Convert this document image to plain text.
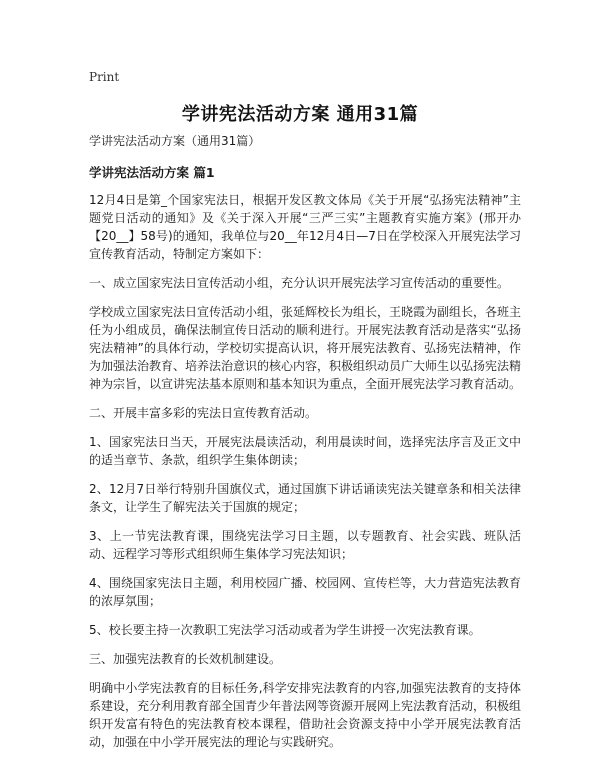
Print
学讲宪法活动方案 通用31篇

学讲宪法活动方案（通用31篇）

学讲宪法活动方案 篇1

12月4日是第_个国家宪法日，根据开发区教文体局《关于开展“弘扬宪法精神”主题党日活动的通知》及《关于深入开展“三严三实”主题教育实施方案》(邢开办【20__】58号)的通知，我单位与20__年12月4日—7日在学校深入开展宪法学习宣传教育活动，特制定方案如下：

一、成立国家宪法日宣传活动小组，充分认识开展宪法学习宣传活动的重要性。

学校成立国家宪法日宣传活动小组，张延辉校长为组长，王晓霞为副组长，各班主任为小组成员，确保法制宣传日活动的顺利进行。开展宪法教育活动是落实“弘扬宪法精神”的具体行动，学校切实提高认识，将开展宪法教育、弘扬宪法精神，作为加强法治教育、培养法治意识的核心内容，积极组织动员广大师生以弘扬宪法精神为宗旨，以宣讲宪法基本原则和基本知识为重点，全面开展宪法学习教育活动。

二、开展丰富多彩的宪法日宣传教育活动。

1、国家宪法日当天，开展宪法晨读活动，利用晨读时间，选择宪法序言及正文中的适当章节、条款，组织学生集体朗读；

2、12月7日举行特别升国旗仪式，通过国旗下讲话诵读宪法关键章条和相关法律条文，让学生了解宪法关于国旗的规定；

3、上一节宪法教育课，围绕宪法学习日主题，以专题教育、社会实践、班队活动、远程学习等形式组织师生集体学习宪法知识；

4、围绕国家宪法日主题，利用校园广播、校园网、宣传栏等，大力营造宪法教育的浓厚氛围；

5、校长要主持一次教职工宪法学习活动或者为学生讲授一次宪法教育课。

三、加强宪法教育的长效机制建设。

明确中小学宪法教育的目标任务,科学安排宪法教育的内容,加强宪法教育的支持体系建设，充分利用教育部全国青少年普法网等资源开展网上宪法教育活动，积极组织开发富有特色的宪法教育校本课程，借助社会资源支持中小学开展宪法教育活动，加强在中小学开展宪法的理论与实践研究。
